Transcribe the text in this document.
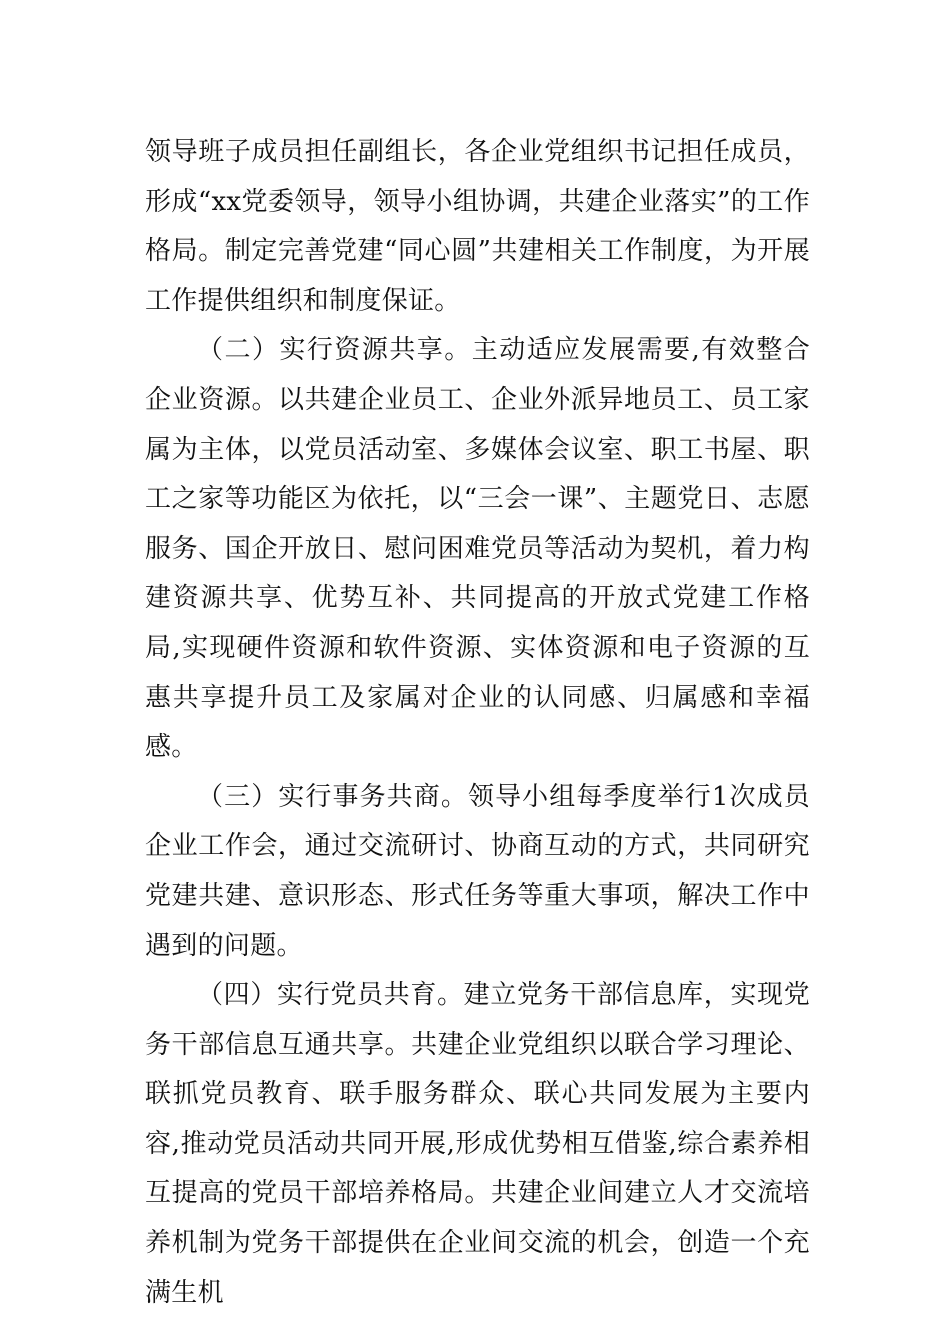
领导班子成员担任副组长，各企业党组织书记担任成员，形成“xx党委领导，领导小组协调，共建企业落实”的工作格局。制定完善党建“同心圆”共建相关工作制度，为开展工作提供组织和制度保证。

（二）实行资源共享。主动适应发展需要,有效整合企业资源。以共建企业员工、企业外派异地员工、员工家属为主体，以党员活动室、多媒体会议室、职工书屋、职工之家等功能区为依托，以“三会一课”、主题党日、志愿服务、国企开放日、慰问困难党员等活动为契机，着力构建资源共享、优势互补、共同提高的开放式党建工作格局,实现硬件资源和软件资源、实体资源和电子资源的互惠共享提升员工及家属对企业的认同感、归属感和幸福感。

（三）实行事务共商。领导小组每季度举行1次成员企业工作会，通过交流研讨、协商互动的方式，共同研究党建共建、意识形态、形式任务等重大事项，解决工作中遇到的问题。

（四）实行党员共育。建立党务干部信息库，实现党务干部信息互通共享。共建企业党组织以联合学习理论、联抓党员教育、联手服务群众、联心共同发展为主要内容,推动党员活动共同开展,形成优势相互借鉴,综合素养相互提高的党员干部培养格局。共建企业间建立人才交流培养机制为党务干部提供在企业间交流的机会，创造一个充满生机
